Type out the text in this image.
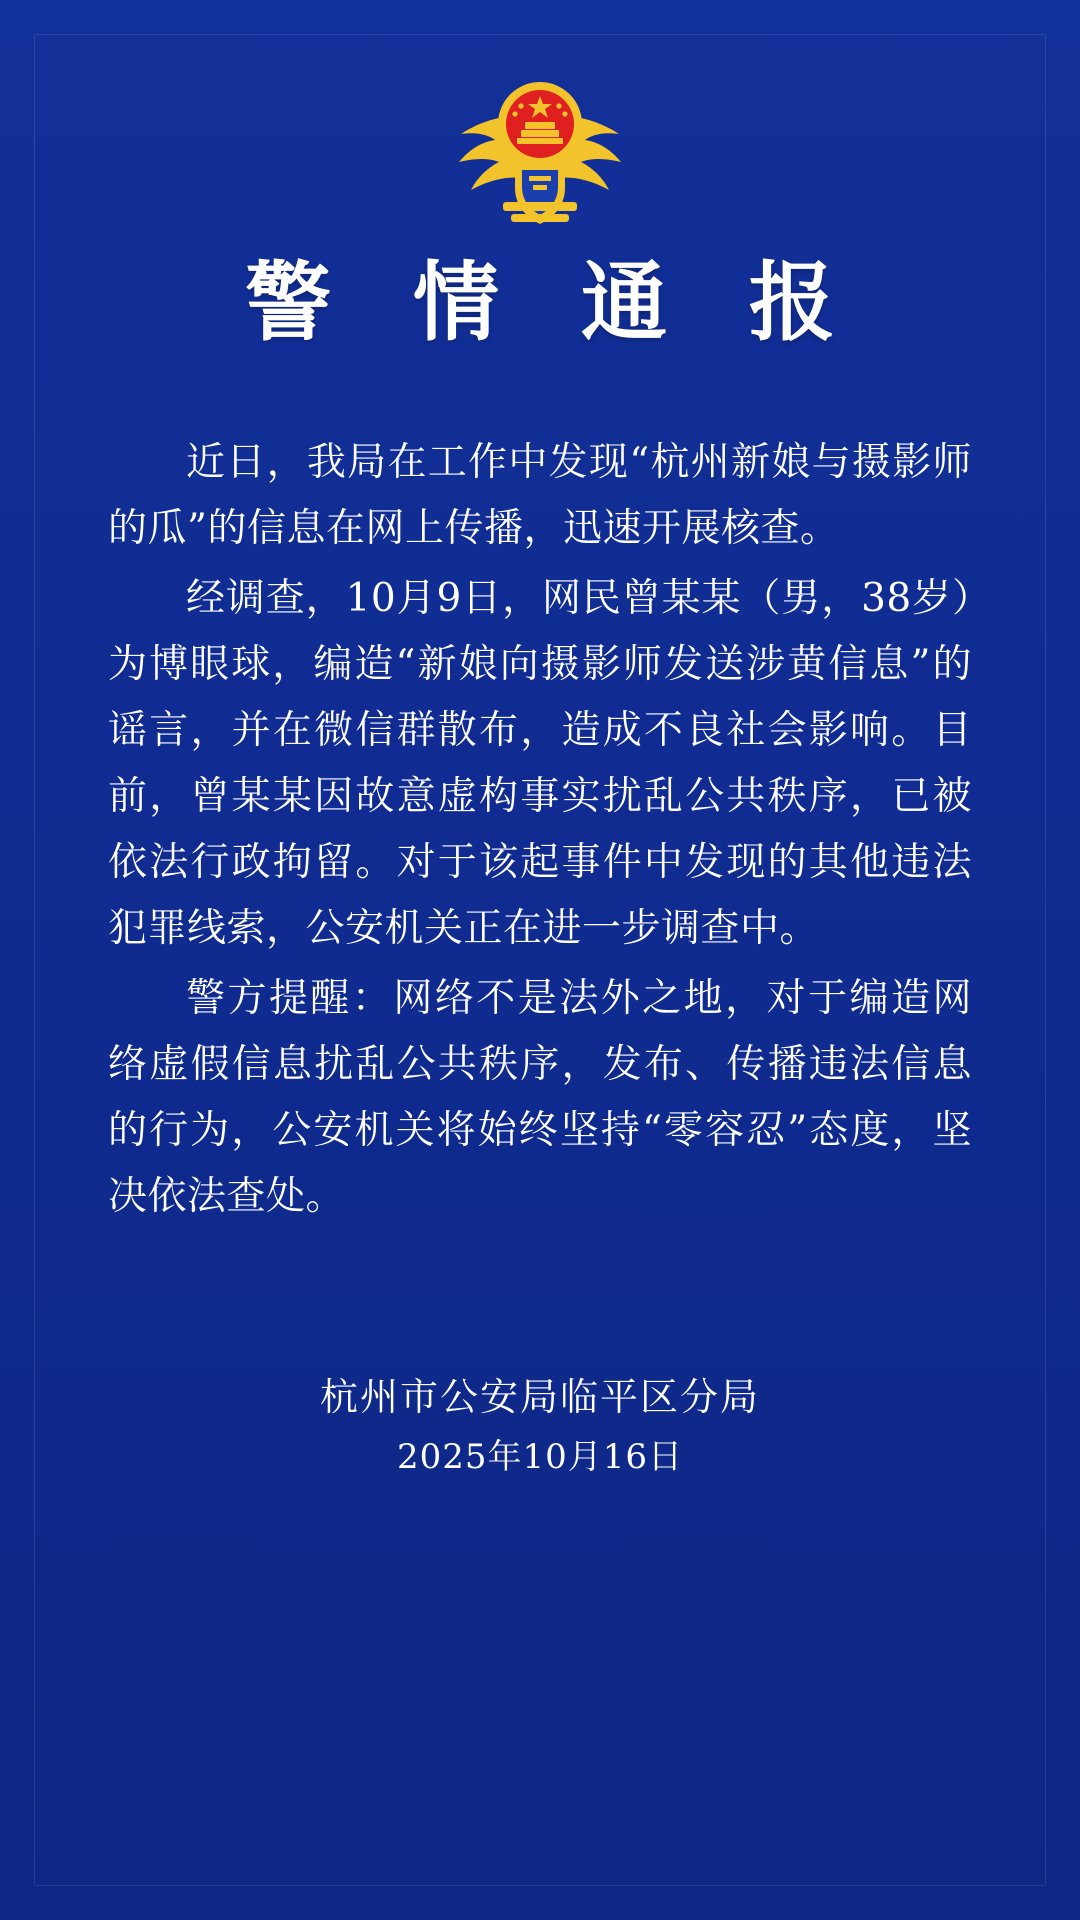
警 情 通 报

近日，我局在工作中发现“杭州新娘与摄影师的瓜”的信息在网上传播，迅速开展核查。

经调查，10月9日，网民曾某某（男，38岁）为博眼球，编造“新娘向摄影师发送涉黄信息”的谣言，并在微信群散布，造成不良社会影响。目前，曾某某因故意虚构事实扰乱公共秩序，已被依法行政拘留。对于该起事件中发现的其他违法犯罪线索，公安机关正在进一步调查中。

警方提醒：网络不是法外之地，对于编造网络虚假信息扰乱公共秩序，发布、传播违法信息的行为，公安机关将始终坚持“零容忍”态度，坚决依法查处。

杭州市公安局临平区分局
2025年10月16日
